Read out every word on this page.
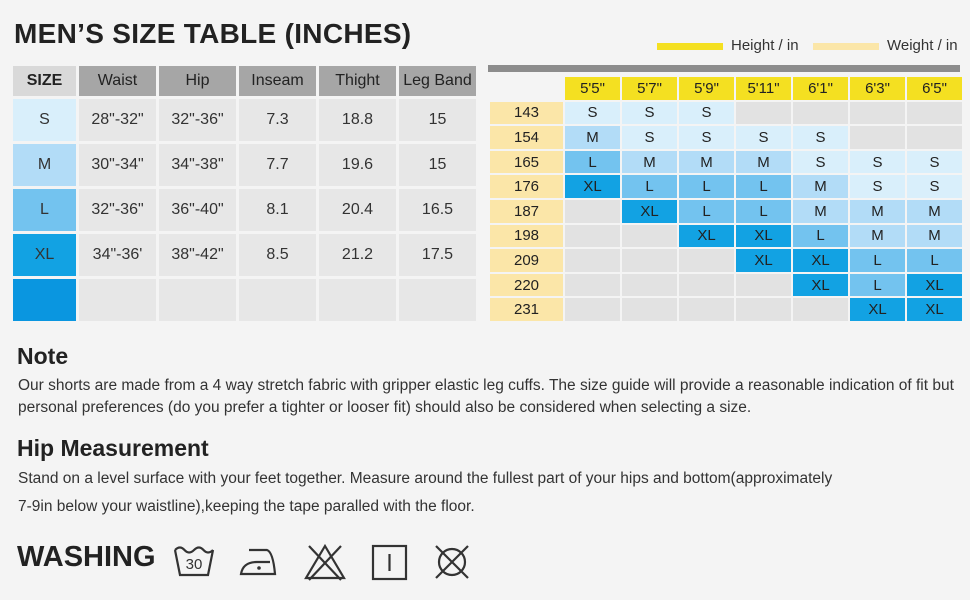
MEN’S SIZE TABLE (INCHES)	Height / in	Weight / in
SIZE	Waist	Hip	Inseam	Thight	Leg Band
S	28"-32"	32"-36"	7.3	18.8	15
M	30"-34"	34"-38"	7.7	19.6	15
L	32"-36"	36"-40"	8.1	20.4	16.5
XL	34"-36'	38"-42"	8.5	21.2	17.5

	5'5"	5'7"	5'9"	5'11"	6'1"	6'3"	6'5"
143	S	S	S				
154	M	S	S	S	S		
165	L	M	M	M	S	S	S
176	XL	L	L	L	M	S	S
187		XL	L	L	M	M	M
198			XL	XL	L	M	M
209				XL	XL	L	L
220					XL	L	XL
231						XL	XL
Note
Our shorts are made from a 4 way stretch fabric with gripper elastic leg cuffs. The size guide will provide a reasonable indication of fit but personal preferences (do you prefer a tighter or looser fit) should also be considered when selecting a size.
Hip Measurement
Stand on a level surface with your feet together. Measure around the fullest part of your hips and bottom(approximately
7-9in below your waistline),keeping the tape paralled with the floor.
WASHING 30
